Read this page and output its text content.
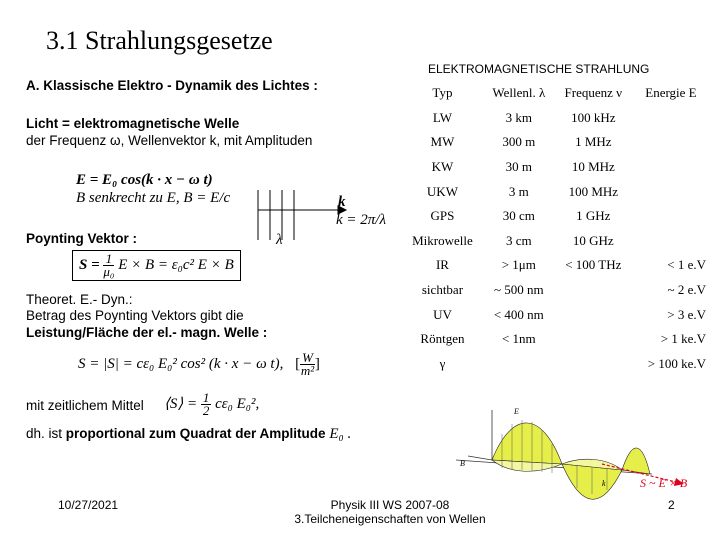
3.1 Strahlungsgesetze
A. Klassische Elektro - Dynamik des Lichtes :
Licht = elektromagnetische Welle
der Frequenz ω, Wellenvektor k, mit Amplituden
E = E₀ cos(k · x − ω t)
B senkrecht zu E, B = E/c	k
k = 2π/λ
λ
Poynting Vektor :
$S = \frac{1}{\text{μ₀}}$ E × B = ε₀c² E × B
Theoret. E.- Dyn.:
Betrag des Poynting Vektors gibt die
Leistung/Fläche der el.- magn. Welle :
S = |S| = cε₀ E₀² cos² (k · x − ω t), [ $\frac{W}{\text{m²}}$ ]
mit zeitlichem Mittel ⟨S⟩ = $\frac{1}{2} c\varepsilon_0$ E₀²,
dh. ist proportional zum Quadrat der Amplitude E₀ .
ELEKTROMAGNETISCHE STRAHLUNG
Typ	Wellenl. λ	Frequenz ν	Energie E
LW	3 km	100 kHz	
MW	300 m	1 MHz	
KW	30 m	10 MHz	
UKW	3 m	100 MHz	
GPS	30 cm	1 GHz	
Mikrowelle	3 cm	10 GHz	
IR	> 1μm	< 100 THz	< 1 e.V
sichtbar	~ 500 nm		~ 2 e.V
UV	< 400 nm		> 3 e.V
Röntgen	< 1nm		> 1 ke.V
γ			> 100 ke.V
E
B
k	S ~ E × B
10/27/2021	Physik III WS 2007-08
3.Teilcheneigenschaften von Wellen
2
